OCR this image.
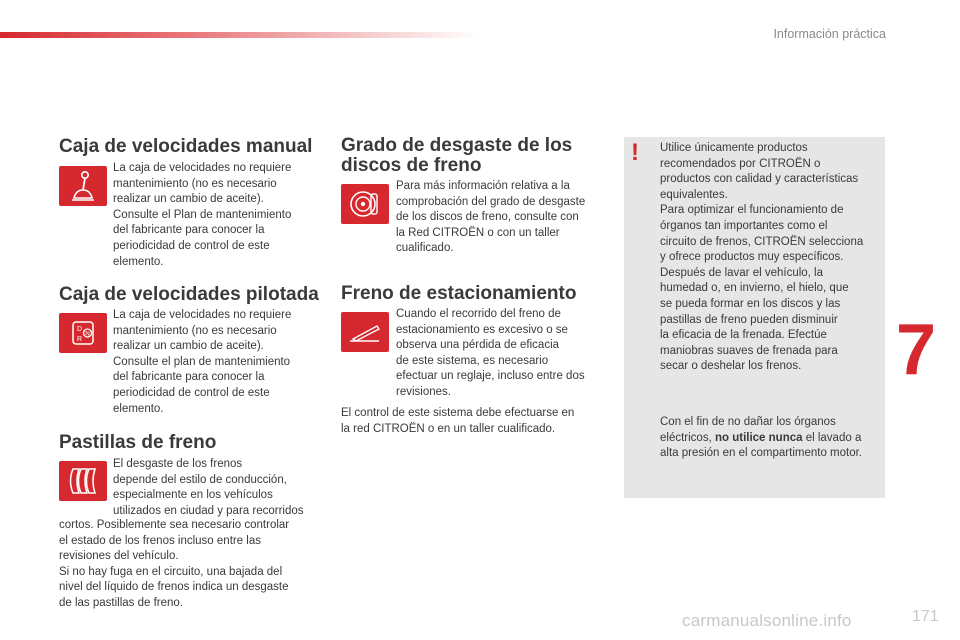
Información práctica
Caja de velocidades manual
La caja de velocidades no requiere
mantenimiento (no es necesario
realizar un cambio de aceite).
Consulte el Plan de mantenimiento
del fabricante para conocer la
periodicidad de control de este
elemento.
Caja de velocidades pilotada
D
R
N
La caja de velocidades no requiere
mantenimiento (no es necesario
realizar un cambio de aceite).
Consulte el plan de mantenimiento
del fabricante para conocer la
periodicidad de control de este
elemento.
Pastillas de freno
El desgaste de los frenos
depende del estilo de conducción,
especialmente en los vehículos
utilizados en ciudad y para recorridos
cortos. Posiblemente sea necesario controlar
el estado de los frenos incluso entre las
revisiones del vehículo.
Si no hay fuga en el circuito, una bajada del
nivel del líquido de frenos indica un desgaste
de las pastillas de freno.
Grado de desgaste de los
discos de freno
Para más información relativa a la
comprobación del grado de desgaste
de los discos de freno, consulte con
la Red CITROËN o con un taller
cualificado.
Freno de estacionamiento
Cuando el recorrido del freno de
estacionamiento es excesivo o se
observa una pérdida de eficacia
de este sistema, es necesario
efectuar un reglaje, incluso entre dos
revisiones.
El control de este sistema debe efectuarse en
la red CITROËN o en un taller cualificado.
! Utilice únicamente productos
recomendados por CITROËN o
productos con calidad y características
equivalentes.
Para optimizar el funcionamiento de
órganos tan importantes como el
circuito de frenos, CITROËN selecciona
y ofrece productos muy específicos.
Después de lavar el vehículo, la
humedad o, en invierno, el hielo, que
se pueda formar en los discos y las
pastillas de freno pueden disminuir
la eficacia de la frenada. Efectúe
maniobras suaves de frenada para
secar o deshelar los frenos.
Con el fin de no dañar los órganos
eléctricos, no utilice nunca el lavado a
alta presión en el compartimento motor.
7
carmanualsonline.info	171
